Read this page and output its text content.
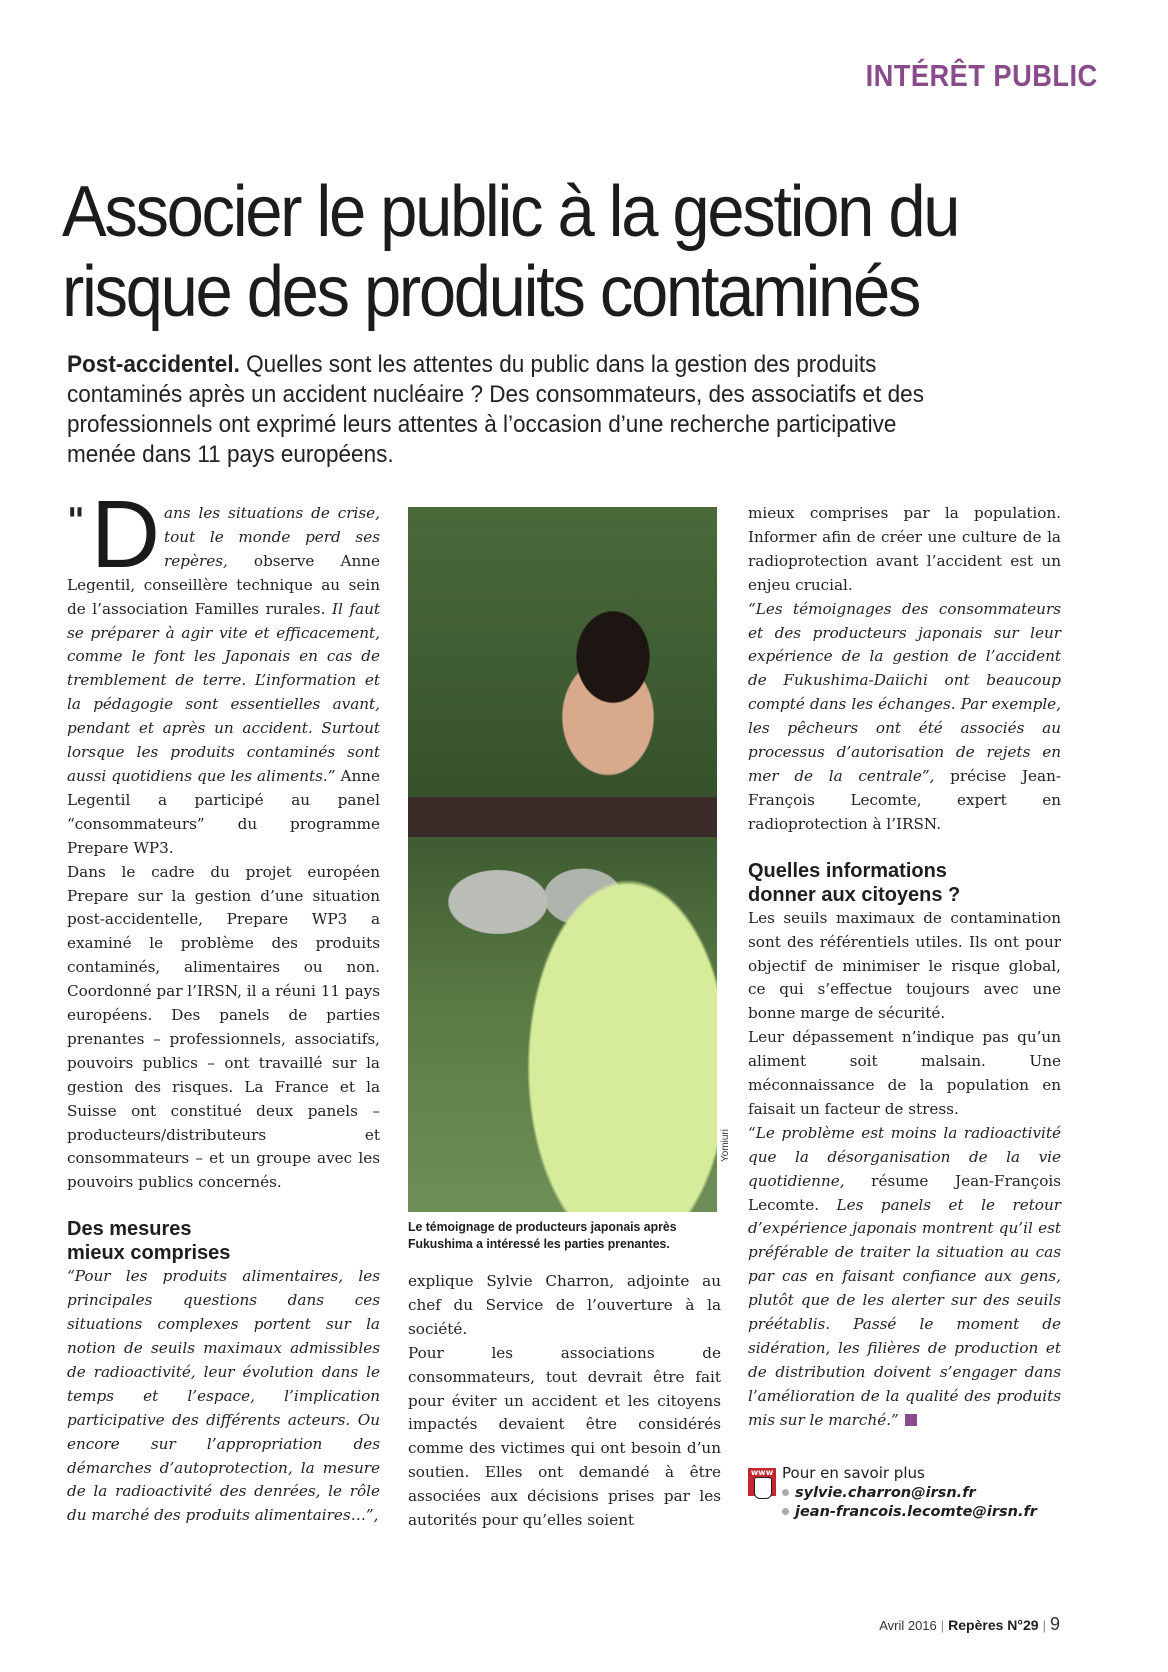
INTÉRÊT PUBLIC
Associer le public à la gestion du
risque des produits contaminés
Post-accidentel. Quelles sont les attentes du public dans la gestion des produits contaminés après un accident nucléaire ? Des consommateurs, des associatifs et des professionnels ont exprimé leurs attentes à l’occasion d’une recherche participative menée dans 11 pays européens.

" D ans les situations de crise, tout le monde perd ses repères, observe Anne Legentil, conseillère technique au sein de l’association Familles rurales. Il faut se préparer à agir vite et efficacement, comme le font les Japonais en cas de tremblement de terre. L’information et la pédagogie sont essentielles avant, pendant et après un accident. Surtout lorsque les produits contaminés sont aussi quotidiens que les aliments.” Anne Legentil a participé au panel “consommateurs” du programme Prepare WP3.

Dans le cadre du projet européen Prepare sur la gestion d’une situation post-accidentelle, Prepare WP3 a examiné le problème des produits contaminés, alimentaires ou non. Coordonné par l’IRSN, il a réuni 11 pays européens. Des panels de parties prenantes – professionnels, associatifs, pouvoirs publics – ont travaillé sur la gestion des risques. La France et la Suisse ont constitué deux panels – producteurs/distributeurs et consommateurs – et un groupe avec les pouvoirs publics concernés.

Des mesures
mieux comprises

“Pour les produits alimentaires, les principales questions dans ces situations complexes portent sur la notion de seuils maximaux admissibles de radioactivité, leur évolution dans le temps et l’espace, l’implication participative des différents acteurs. Ou encore sur l’appropriation des démarches d’autoprotection, la mesure de la radioactivité des denrées, le rôle du marché des produits alimentaires…”,

Yomiuri
Le témoignage de producteurs japonais après Fukushima a intéressé les parties prenantes.

explique Sylvie Charron, adjointe au chef du Service de l’ouverture à la société.

Pour les associations de consommateurs, tout devrait être fait pour éviter un accident et les citoyens impactés devaient être considérés comme des victimes qui ont besoin d’un soutien. Elles ont demandé à être associées aux décisions prises par les autorités pour qu’elles soient

mieux comprises par la population. Informer afin de créer une culture de la radioprotection avant l’accident est un enjeu crucial.

“Les témoignages des consommateurs et des producteurs japonais sur leur expérience de la gestion de l’accident de Fukushima-Daiichi ont beaucoup compté dans les échanges. Par exemple, les pêcheurs ont été associés au processus d’autorisation de rejets en mer de la centrale”, précise Jean-François Lecomte, expert en radioprotection à l’IRSN.

Quelles informations
donner aux citoyens ?

Les seuils maximaux de contamination sont des référentiels utiles. Ils ont pour objectif de minimiser le risque global, ce qui s’effectue toujours avec une bonne marge de sécurité.

Leur dépassement n’indique pas qu’un aliment soit malsain. Une méconnaissance de la population en faisait un facteur de stress.

“Le problème est moins la radioactivité que la désorganisation de la vie quotidienne, résume Jean-François Lecomte. Les panels et le retour d’expérience japonais montrent qu’il est préférable de traiter la situation au cas par cas en faisant confiance aux gens, plutôt que de les alerter sur des seuils préétablis. Passé le moment de sidération, les filières de production et de distribution doivent s’engager dans l’amélioration de la qualité des produits mis sur le marché.”

www Pour en savoir plus
sylvie.charron@irsn.fr
jean-francois.lecomte@irsn.fr
Avril 2016 | Repères N°29 | 9
